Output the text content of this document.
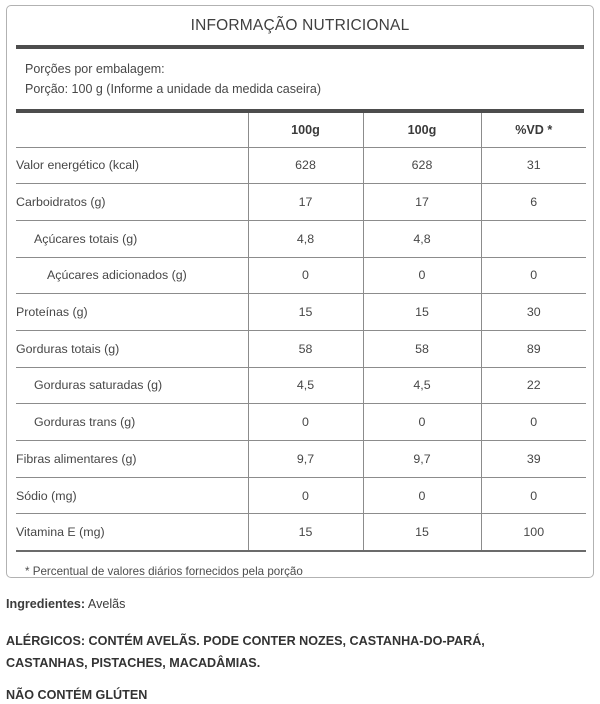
INFORMAÇÃO NUTRICIONAL
Porções por embalagem:
Porção: 100 g (Informe a unidade da medida caseira)
	100g	100g	%VD *
Valor energético (kcal)	628	628	31
Carboidratos (g)	17	17	6
Açúcares totais (g)	4,8	4,8	
Açúcares adicionados (g)	0	0	0
Proteínas (g)	15	15	30
Gorduras totais (g)	58	58	89
Gorduras saturadas (g)	4,5	4,5	22
Gorduras trans (g)	0	0	0
Fibras alimentares (g)	9,7	9,7	39
Sódio (mg)	0	0	0
Vitamina E (mg)	15	15	100
* Percentual de valores diários fornecidos pela porção

Ingredientes: Avelãs

ALÉRGICOS: CONTÉM AVELÃS. PODE CONTER NOZES, CASTANHA-DO-PARÁ, CASTANHAS, PISTACHES, MACADÂMIAS.

NÃO CONTÉM GLÚTEN
